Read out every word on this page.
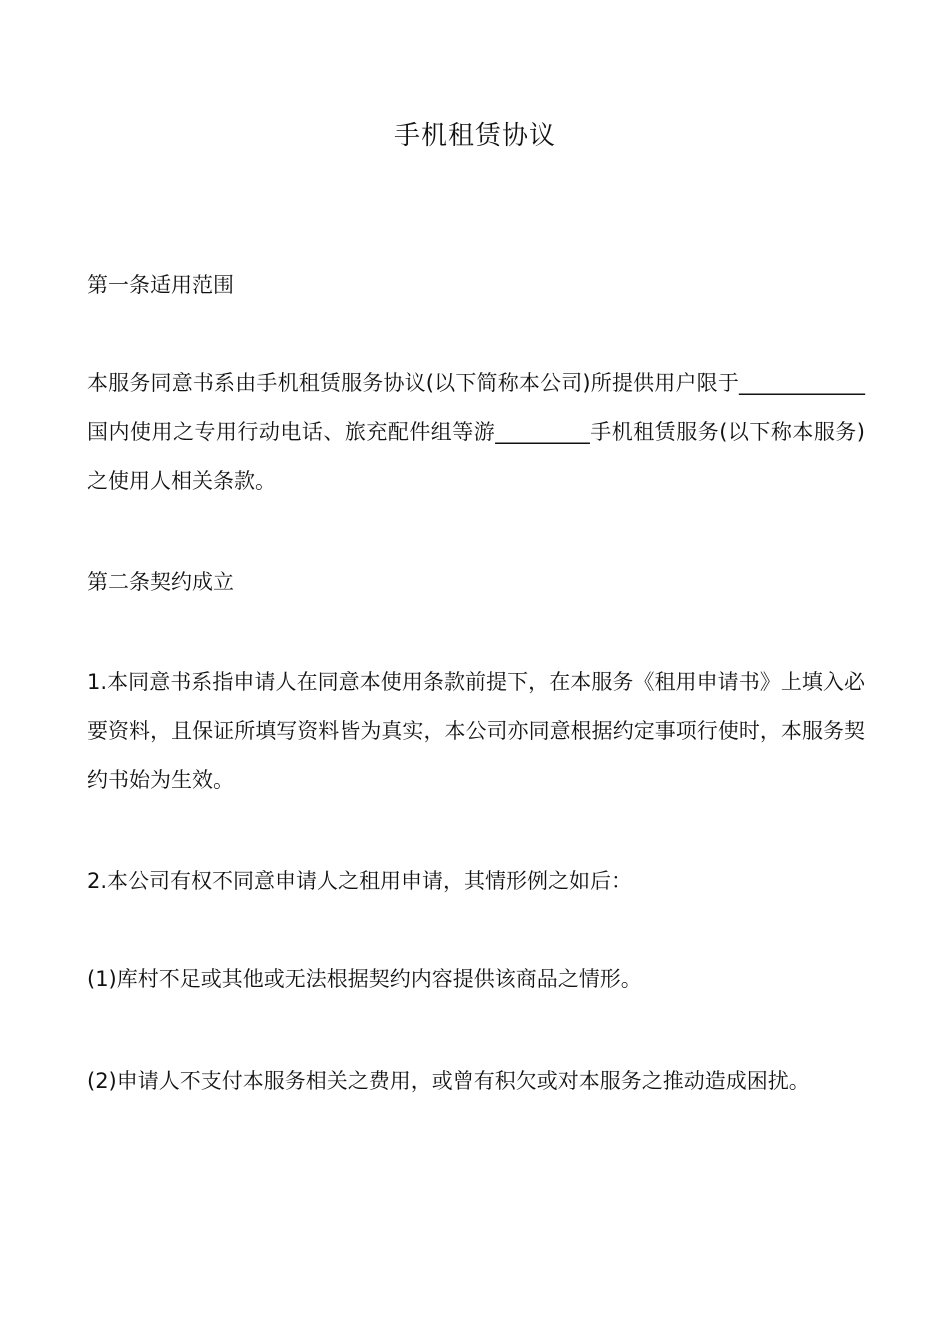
手机租赁协议

第一条适用范围

本服务同意书系由手机租赁服务协议(以下简称本公司)所提供用户限于____________国内使用之专用行动电话、旅充配件组等游_________手机租赁服务(以下称本服务)之使用人相关条款。

第二条契约成立

1.本同意书系指申请人在同意本使用条款前提下，在本服务《租用申请书》上填入必要资料，且保证所填写资料皆为真实，本公司亦同意根据约定事项行使时，本服务契约书始为生效。

2.本公司有权不同意申请人之租用申请，其情形例之如后：

(1)库村不足或其他或无法根据契约内容提供该商品之情形。

(2)申请人不支付本服务相关之费用，或曾有积欠或对本服务之推动造成困扰。
